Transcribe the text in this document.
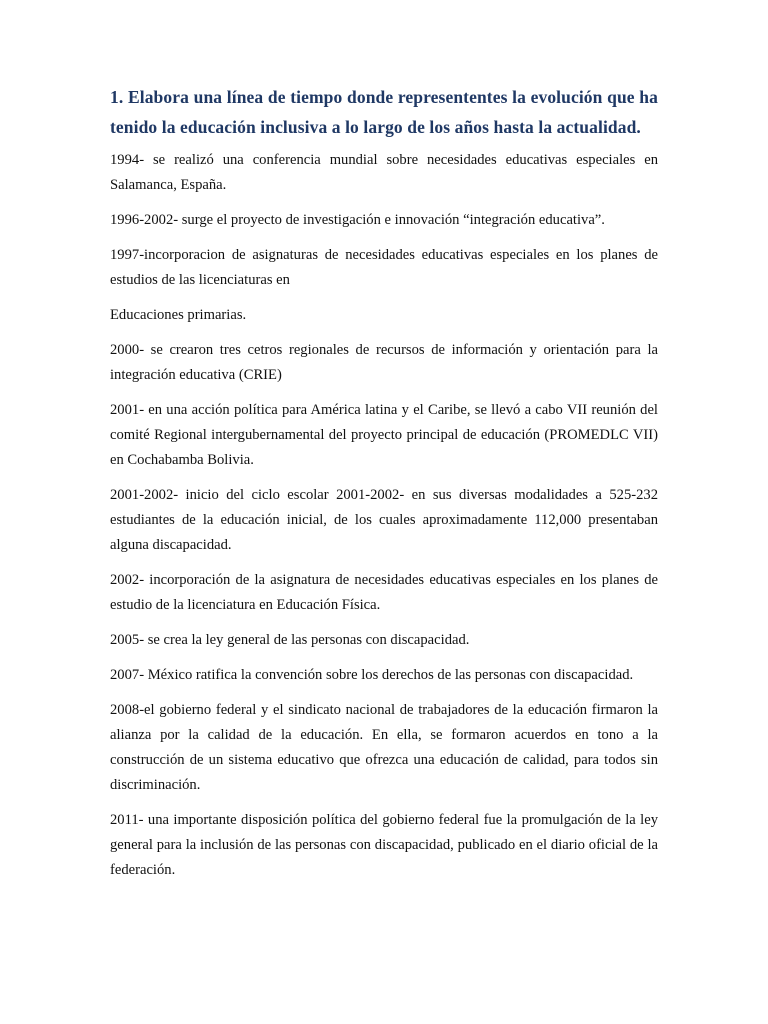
1. Elabora una línea de tiempo donde represententes la evolución que ha tenido la educación inclusiva a lo largo de los años hasta la actualidad.

1994- se realizó una conferencia mundial sobre necesidades educativas especiales en Salamanca, España.

1996-2002- surge el proyecto de investigación e innovación “integración educativa”.

1997-incorporacion de asignaturas de necesidades educativas especiales en los planes de estudios de las licenciaturas en

Educaciones primarias.

2000- se crearon tres cetros regionales de recursos de información y orientación para la integración educativa (CRIE)

2001- en una acción política para América latina y el Caribe, se llevó a cabo VII reunión del comité Regional intergubernamental del proyecto principal de educación (PROMEDLC VII) en Cochabamba Bolivia.

2001-2002- inicio del ciclo escolar 2001-2002- en sus diversas modalidades a 525-232 estudiantes de la educación inicial, de los cuales aproximadamente 112,000 presentaban alguna discapacidad.

2002- incorporación de la asignatura de necesidades educativas especiales en los planes de estudio de la licenciatura en Educación Física.

2005- se crea la ley general de las personas con discapacidad.

2007- México ratifica la convención sobre los derechos de las personas con discapacidad.

2008-el gobierno federal y el sindicato nacional de trabajadores de la educación firmaron la alianza por la calidad de la educación. En ella, se formaron acuerdos en tono a la construcción de un sistema educativo que ofrezca una educación de calidad, para todos sin discriminación.

2011- una importante disposición política del gobierno federal fue la promulgación de la ley general para la inclusión de las personas con discapacidad, publicado en el diario oficial de la federación.
